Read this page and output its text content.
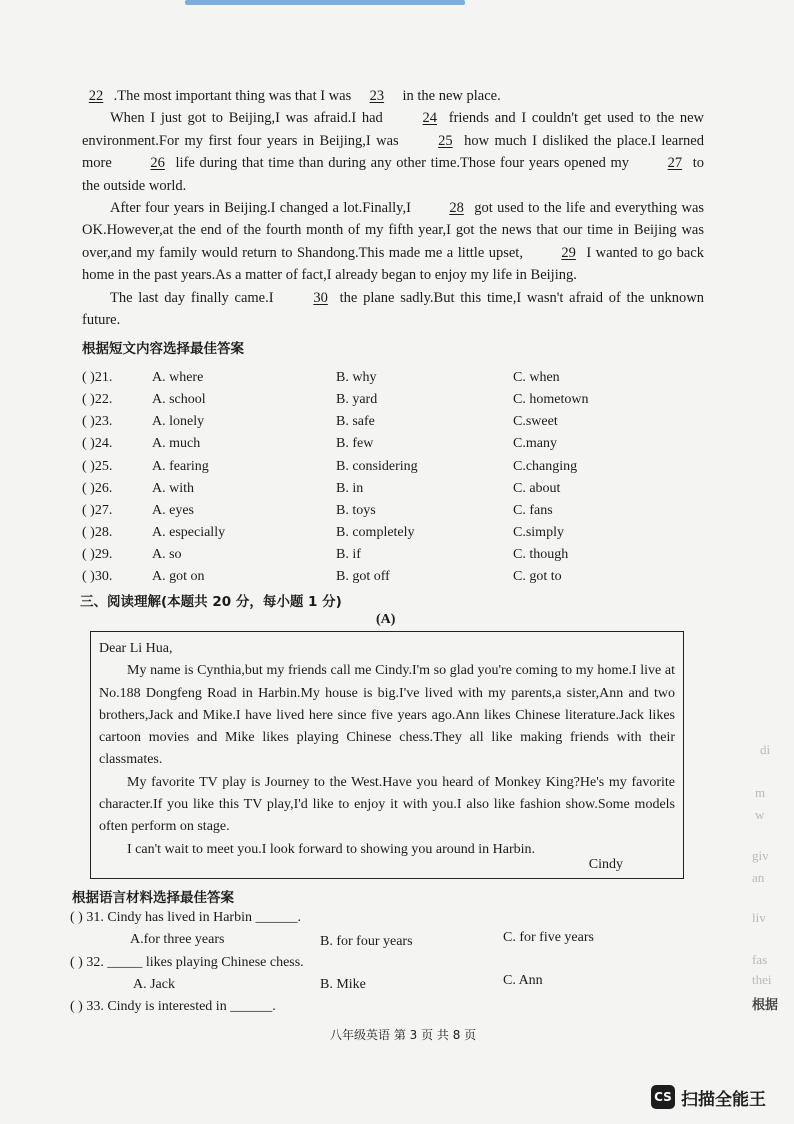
22 .The most important thing was that I was 23 in the new place.

When I just got to Beijing,I was afraid.I had	24 friends and I couldn't get used to the new environment.For my first four years in Beijing,I was	25 how much I disliked the place.I learned more	26 life during that time than during any other time.Those four years opened my	27 to the outside world.

After four years in Beijing.I changed a lot.Finally,I	28 got used to the life and everything was OK.However,at the end of the fourth month of my fifth year,I got the news that our time in Beijing was over,and my family would return to Shandong.This made me a little upset,	29 I wanted to go back home in the past years.As a matter of fact,I already began to enjoy my life in Beijing.

The last day finally came.I	30 the plane sadly.But this time,I wasn't afraid of the unknown future.

根据短文内容选择最佳答案
( )21.	A. where	B. why	C. when
( )22.	A. school	B. yard	C. hometown
( )23.	A. lonely	B. safe	C.sweet
( )24.	A. much	B. few	C.many
( )25.	A. fearing	B. considering	C.changing
( )26.	A. with	B. in	C. about
( )27.	A. eyes	B. toys	C. fans
( )28.	A. especially	B. completely	C.simply
( )29.	A. so	B. if	C. though
( )30.	A. got on	B. got off	C. got to
三、阅读理解(本题共 20 分，每小题 1 分)
(A)

Dear Li Hua,

My name is Cynthia,but my friends call me Cindy.I'm so glad you're coming to my home.I live at No.188 Dongfeng Road in Harbin.My house is big.I've lived with my parents,a sister,Ann and two brothers,Jack and Mike.I have lived here since five years ago.Ann likes Chinese literature.Jack likes cartoon movies and Mike likes playing Chinese chess.They all like making friends with their classmates.

My favorite TV play is Journey to the West.Have you heard of Monkey King?He's my favorite character.If you like this TV play,I'd like to enjoy it with you.I also like fashion show.Some models often perform on stage.

I can't wait to meet you.I look forward to showing you around in Harbin.

Cindy
根据语言材料选择最佳答案
( ) 31. Cindy has lived in Harbin ______.
A.for three years	B. for four years	C. for five years
( ) 32. _____ likes playing Chinese chess.
A. Jack	B. Mike	C. Ann
( ) 33. Cindy is interested in ______.
八年级英语 第 3 页 共 8 页
di
m
w
giv
an
liv
fas
thei
根据
CS 扫描全能王
